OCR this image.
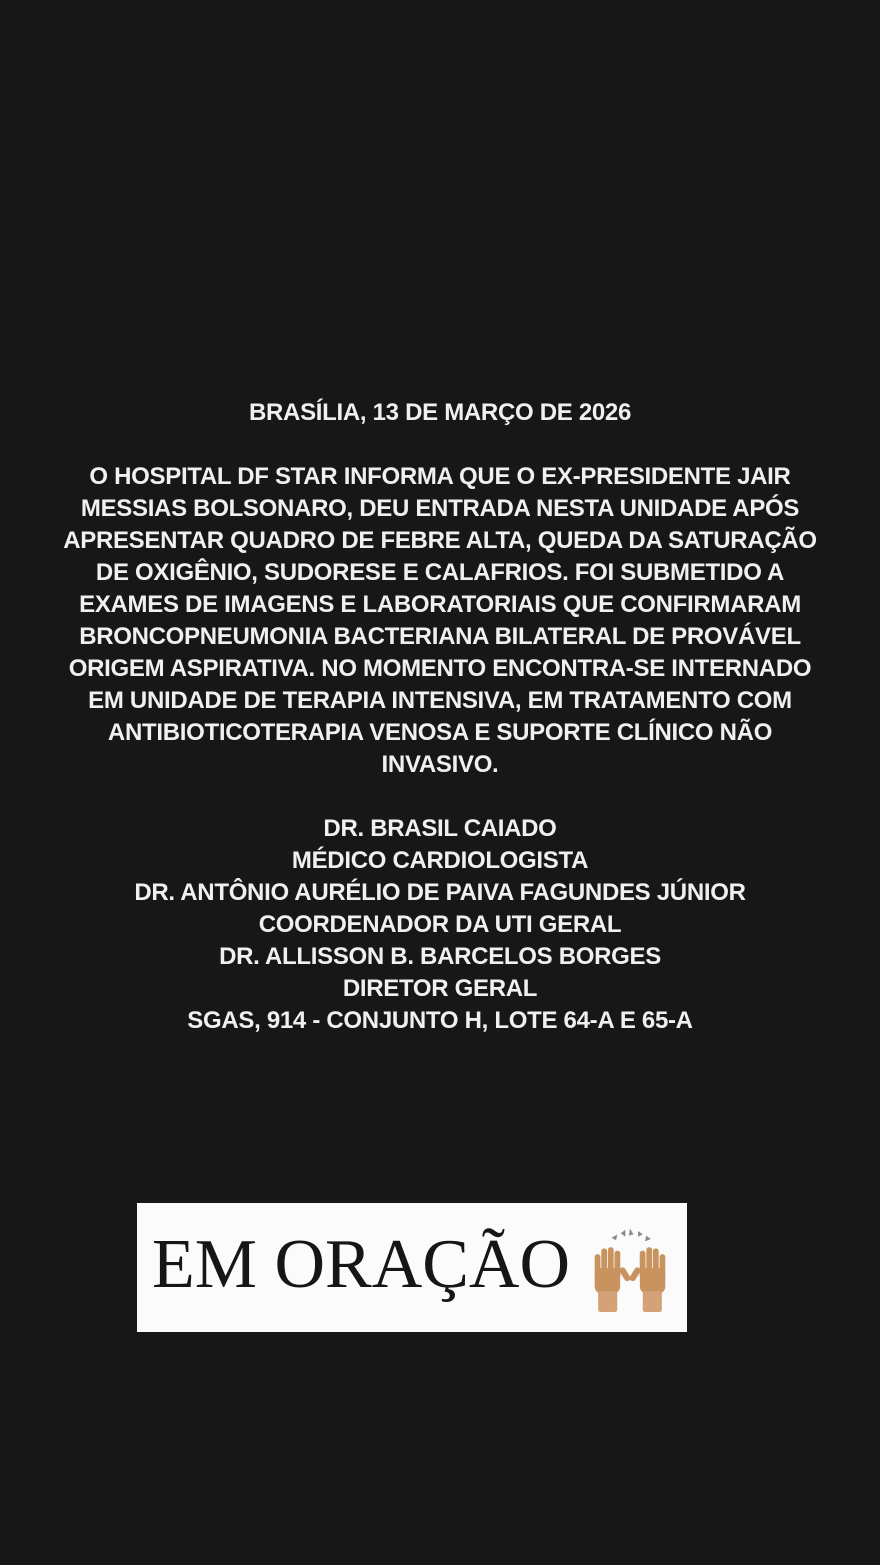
BRASÍLIA, 13 DE MARÇO DE 2026
O HOSPITAL DF STAR INFORMA QUE O EX-PRESIDENTE JAIR
MESSIAS BOLSONARO, DEU ENTRADA NESTA UNIDADE APÓS
APRESENTAR QUADRO DE FEBRE ALTA, QUEDA DA SATURAÇÃO
DE OXIGÊNIO, SUDORESE E CALAFRIOS. FOI SUBMETIDO A
EXAMES DE IMAGENS E LABORATORIAIS QUE CONFIRMARAM
BRONCOPNEUMONIA BACTERIANA BILATERAL DE PROVÁVEL
ORIGEM ASPIRATIVA. NO MOMENTO ENCONTRA-SE INTERNADO
EM UNIDADE DE TERAPIA INTENSIVA, EM TRATAMENTO COM
ANTIBIOTICOTERAPIA VENOSA E SUPORTE CLÍNICO NÃO
INVASIVO.
DR. BRASIL CAIADO
MÉDICO CARDIOLOGISTA
DR. ANTÔNIO AURÉLIO DE PAIVA FAGUNDES JÚNIOR
COORDENADOR DA UTI GERAL
DR. ALLISSON B. BARCELOS BORGES
DIRETOR GERAL
SGAS, 914 - CONJUNTO H, LOTE 64-A E 65-A
EM ORAÇÃO
